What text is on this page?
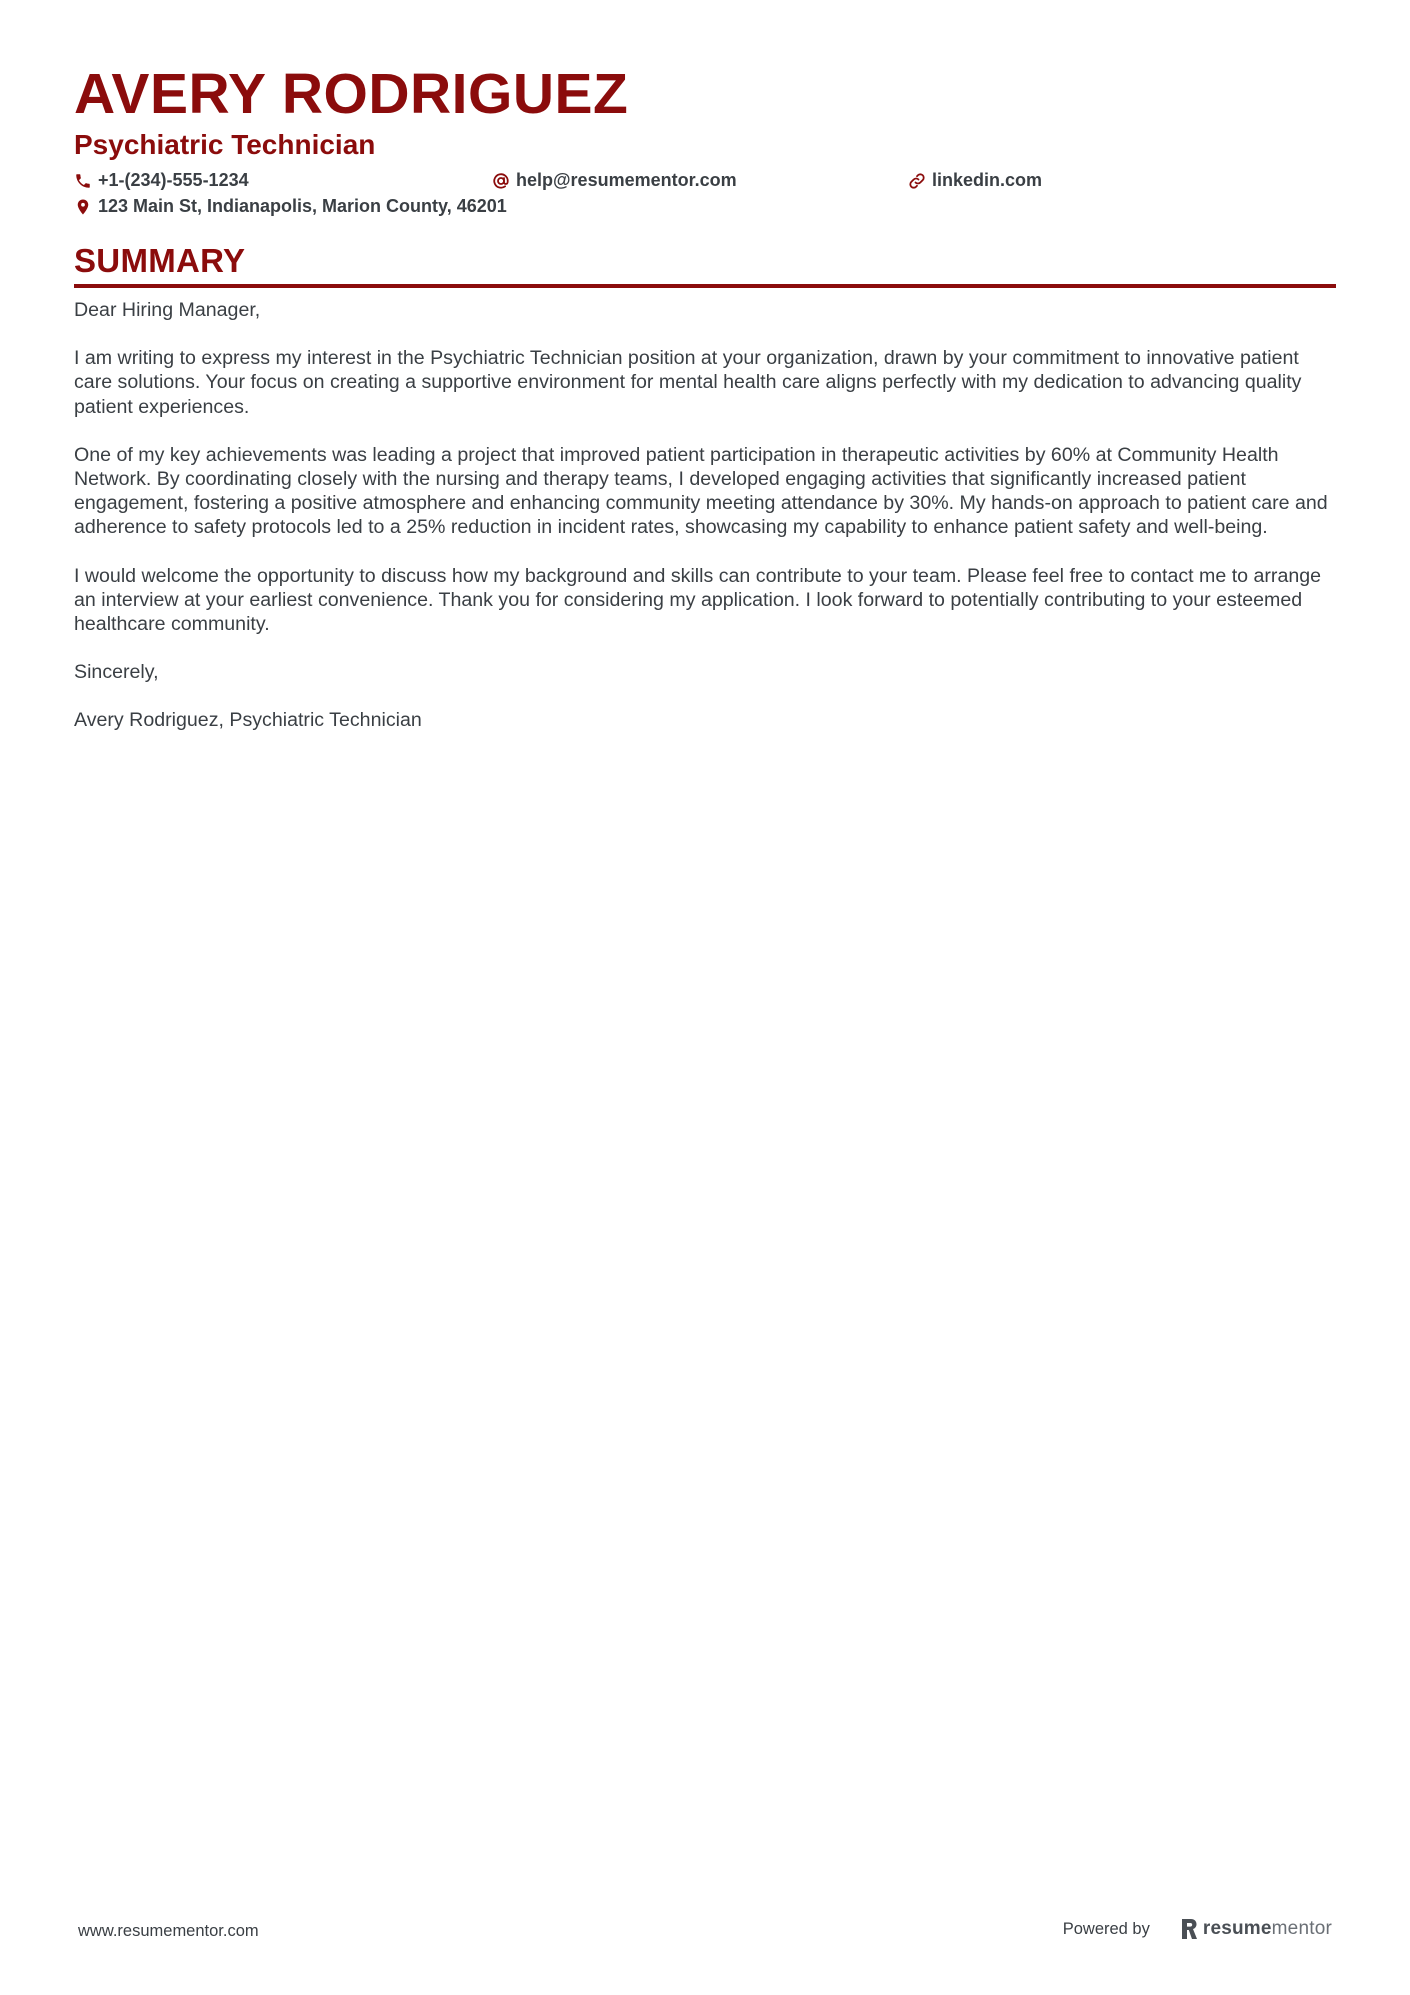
AVERY RODRIGUEZ
Psychiatric Technician
+1-(234)-555-1234	help@resumementor.com	linkedin.com
123 Main St, Indianapolis, Marion County, 46201
SUMMARY

Dear Hiring Manager,

I am writing to express my interest in the Psychiatric Technician position at your organization, drawn by your commitment to innovative patient care solutions. Your focus on creating a supportive environment for mental health care aligns perfectly with my dedication to advancing quality patient experiences.

One of my key achievements was leading a project that improved patient participation in therapeutic activities by 60% at Community Health Network. By coordinating closely with the nursing and therapy teams, I developed engaging activities that significantly increased patient engagement, fostering a positive atmosphere and enhancing community meeting attendance by 30%. My hands-on approach to patient care and adherence to safety protocols led to a 25% reduction in incident rates, showcasing my capability to enhance patient safety and well-being.

I would welcome the opportunity to discuss how my background and skills can contribute to your team. Please feel free to contact me to arrange an interview at your earliest convenience. Thank you for considering my application. I look forward to potentially contributing to your esteemed healthcare community.

Sincerely,

Avery Rodriguez, Psychiatric Technician

www.resumementor.com	Powered by	resumementor
